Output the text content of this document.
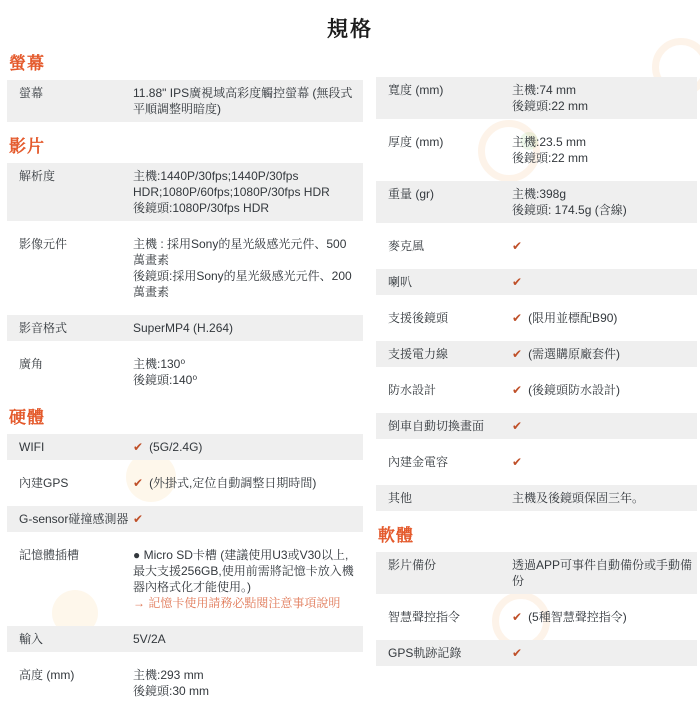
規格
螢幕
螢幕	11.88" IPS廣視域高彩度觸控螢幕 (無段式平順調整明暗度)
影片
解析度	主機:1440P/30fps;1440P/30fps HDR;1080P/60fps;1080P/30fps HDR
後鏡頭:1080P/30fps HDR
影像元件	主機 : 採用Sony的星光級感光元件、500萬畫素
後鏡頭:採用Sony的星光級感光元件、200萬畫素
影音格式	SuperMP4 (H.264)
廣角	主機:130⁰
後鏡頭:140⁰
硬體
WIFI	✔ (5G/2.4G)
內建GPS	✔ (外掛式,定位自動調整日期時間)
G-sensor碰撞感測器 ✔
記憶體插槽	● Micro SD卡槽 (建議使用U3或V30以上,最大支援256GB,使用前需將記憶卡放入機器內格式化才能使用。)
→ 記憶卡使用請務必點閱注意事項說明
輸入	5V/2A
高度 (mm)	主機:293 mm
後鏡頭:30 mm
寬度 (mm)	主機:74 mm
後鏡頭:22 mm
厚度 (mm)	主機:23.5 mm
後鏡頭:22 mm
重量 (gr)	主機:398g
後鏡頭: 174.5g (含線)
麥克風	✔
喇叭	✔
支援後鏡頭	✔ (限用並標配B90)
支援電力線	✔ (需選購原廠套件)
防水設計	✔ (後鏡頭防水設計)
倒車自動切換畫面	✔
內建金電容	✔
其他	主機及後鏡頭保固三年。
軟體
影片備份	透過APP可事件自動備份或手動備份
智慧聲控指令	✔ (5種智慧聲控指令)
GPS軌跡記錄	✔
